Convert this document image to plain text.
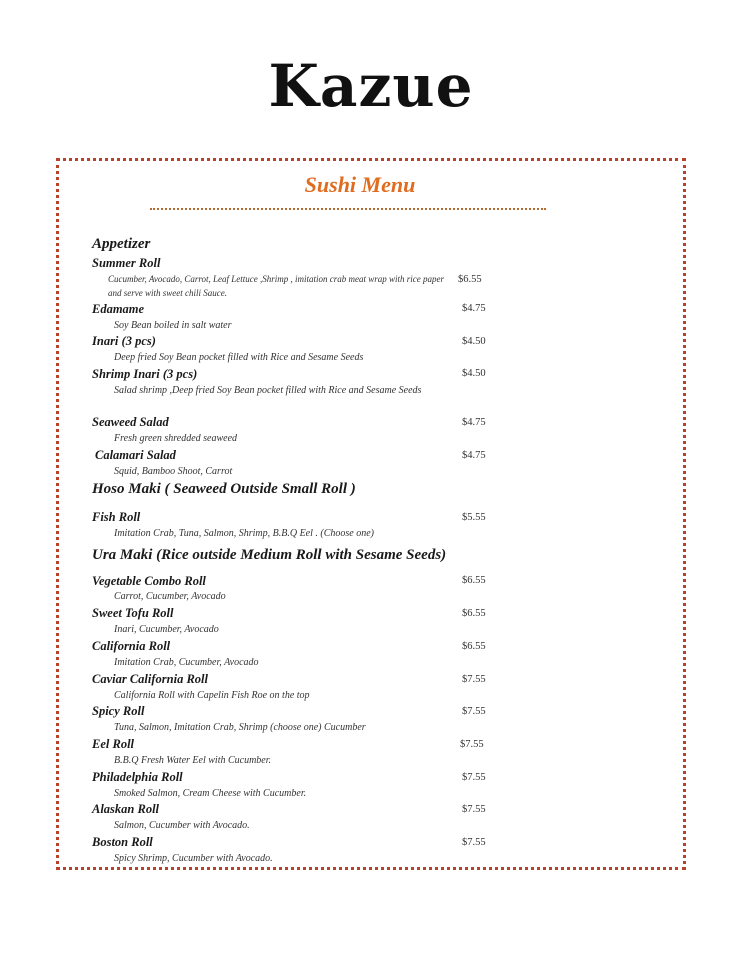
Kazue
Sushi Menu
Appetizer
Summer Roll
Cucumber, Avocado, Carrot, Leaf Lettuce ,Shrimp , imitation crab meat wrap with rice paper and serve with sweet chili Sauce.
$6.55
Edamame
Soy Bean boiled in salt water
$4.75
Inari (3 pcs)
Deep fried Soy Bean pocket filled with Rice and Sesame Seeds
$4.50
Shrimp Inari (3 pcs)
Salad shrimp ,Deep fried Soy Bean pocket filled with Rice and Sesame Seeds
$4.50
Seaweed Salad
Fresh green shredded seaweed
$4.75
Calamari Salad
Squid, Bamboo Shoot, Carrot
$4.75
Hoso Maki ( Seaweed Outside Small Roll )
Fish Roll
Imitation Crab, Tuna, Salmon, Shrimp, B.B.Q Eel . (Choose one)
$5.55
Ura Maki (Rice outside Medium Roll with Sesame Seeds)
Vegetable Combo Roll
Carrot, Cucumber, Avocado
$6.55
Sweet Tofu Roll
Inari, Cucumber, Avocado
$6.55
California Roll
Imitation Crab, Cucumber, Avocado
$6.55
Caviar California Roll
California Roll with Capelin Fish Roe on the top
$7.55
Spicy Roll
Tuna, Salmon, Imitation Crab, Shrimp (choose one) Cucumber
$7.55
Eel Roll
B.B.Q Fresh Water Eel with Cucumber.
$7.55
Philadelphia Roll
Smoked Salmon, Cream Cheese with Cucumber.
$7.55
Alaskan Roll
Salmon, Cucumber with Avocado.
$7.55
Boston Roll
Spicy Shrimp, Cucumber with Avocado.
$7.55
